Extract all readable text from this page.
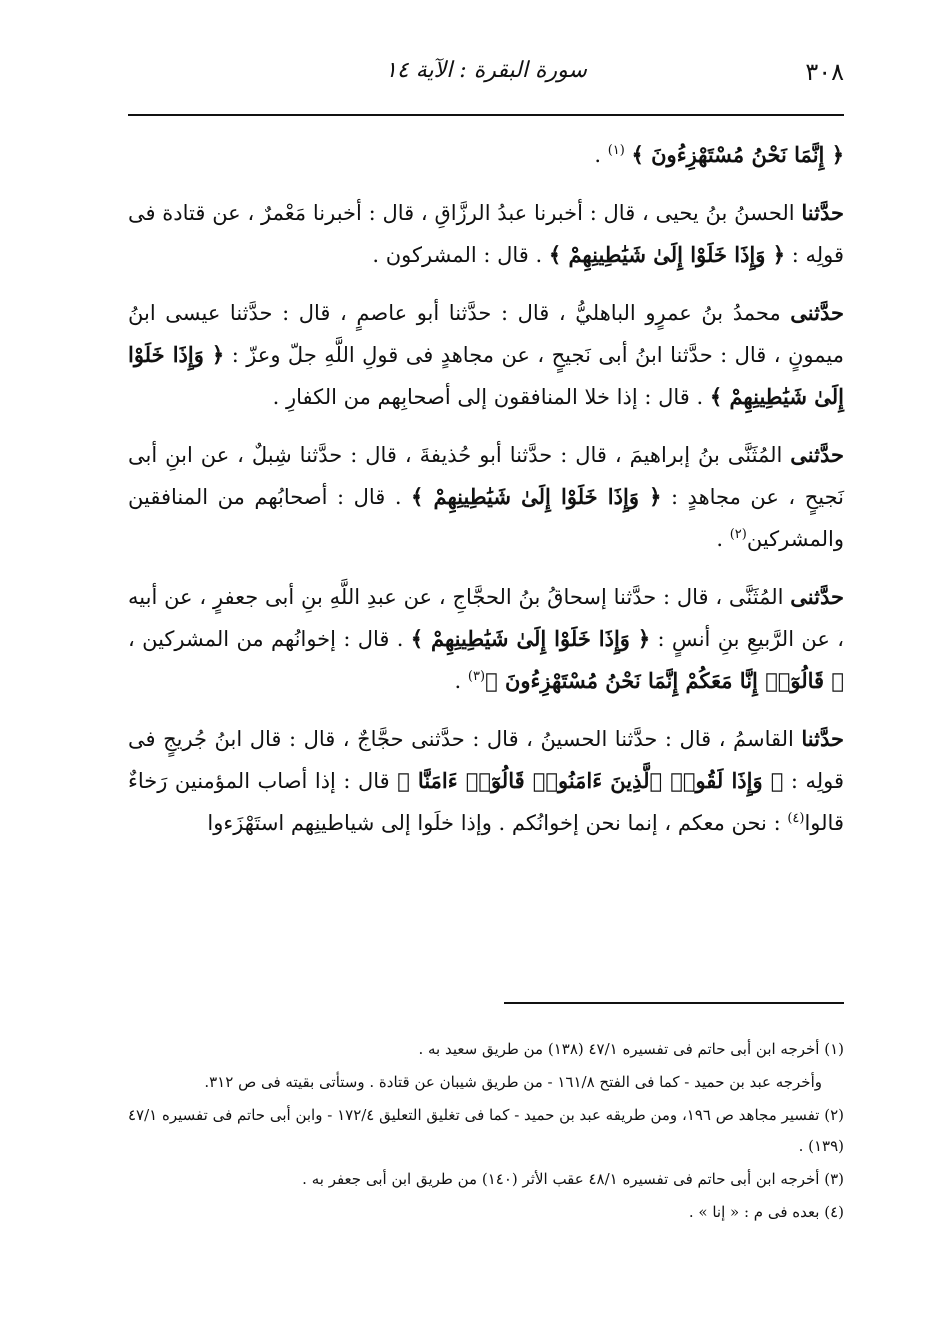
٣٠٨
سورة البقرة : الآية ١٤

﴿ إِنَّمَا نَحْنُ مُسْتَهْزِءُونَ ﴾ $^{(١)}$ .

حدَّثنا الحسنُ بنُ يحيى ، قال : أخبرنا عبدُ الرزَّاقِ ، قال : أخبرنا مَعْمرٌ ، عن قتادة فى قولِه : ﴿ وَإِذَا خَلَوْا إِلَىٰ شَيَٰطِينِهِمْ ﴾ . قال : المشركون .

حدَّثنى محمدُ بنُ عمرٍو الباهليُّ ، قال : حدَّثنا أبو عاصمٍ ، قال : حدَّثنا عيسى ابنُ ميمونٍ ، قال : حدَّثنا ابنُ أبى نَجيحٍ ، عن مجاهدٍ فى قولِ اللَّهِ جلّ وعزّ : ﴿ وَإِذَا خَلَوْا إِلَىٰ شَيَٰطِينِهِمْ ﴾ . قال : إذا خلا المنافقون إلى أصحابِهم من الكفارِ .

حدَّثنى المُثَنَّى بنُ إبراهيمَ ، قال : حدَّثنا أبو حُذيفةَ ، قال : حدَّثنا شِبلٌ ، عن ابنِ أبى نَجيحٍ ، عن مجاهدٍ : ﴿ وَإِذَا خَلَوْا إِلَىٰ شَيَٰطِينِهِمْ ﴾ . قال : أصحابُهم من المنافقين والمشركين$^{(٢)}$ .

حدَّثنى المُثَنَّى ، قال : حدَّثنا إسحاقُ بنُ الحجَّاجِ ، عن عبدِ اللَّهِ بنِ أبى جعفرٍ ، عن أبيه ، عن الرَّبيعِ بنِ أنسٍ : ﴿ وَإِذَا خَلَوْا إِلَىٰ شَيَٰطِينِهِمْ ﴾ . قال : إخوانُهم من المشركين ، ﴿ قَالُوٓا۟ إِنَّا مَعَكُمْ إِنَّمَا نَحْنُ مُسْتَهْزِءُونَ ﴾$^{(٣)}$ .

حدَّثنا القاسمُ ، قال : حدَّثنا الحسينُ ، قال : حدَّثنى حجَّاجٌ ، قال : قال ابنُ جُريجٍ فى قولِه : ﴿ وَإِذَا لَقُوا۟ ٱلَّذِينَ ءَامَنُوا۟ قَالُوٓا۟ ءَامَنَّا ﴾ قال : إذا أصاب المؤمنين رَخاءٌ قالوا$^{(٤)}$ : نحن معكم ، إنما نحن إخوانُكم . وإذا خلَوا إلى شياطينِهم استَهْزَءوا

(١) أخرجه ابن أبى حاتم فى تفسيره ٤٧/١ (١٣٨) من طريق سعيد به .

وأخرجه عبد بن حميد - كما فى الفتح ١٦١/٨ - من طريق شيبان عن قتادة . وستأتى بقيته فى ص ٣١٢.

(٢) تفسير مجاهد ص ١٩٦، ومن طريقه عبد بن حميد - كما فى تغليق التعليق ١٧٢/٤ - وابن أبى حاتم فى تفسيره ٤٧/١ (١٣٩) .

(٣) أخرجه ابن أبى حاتم فى تفسيره ٤٨/١ عقب الأثر (١٤٠) من طريق ابن أبى جعفر به .

(٤) بعده فى م : « إنا » .
